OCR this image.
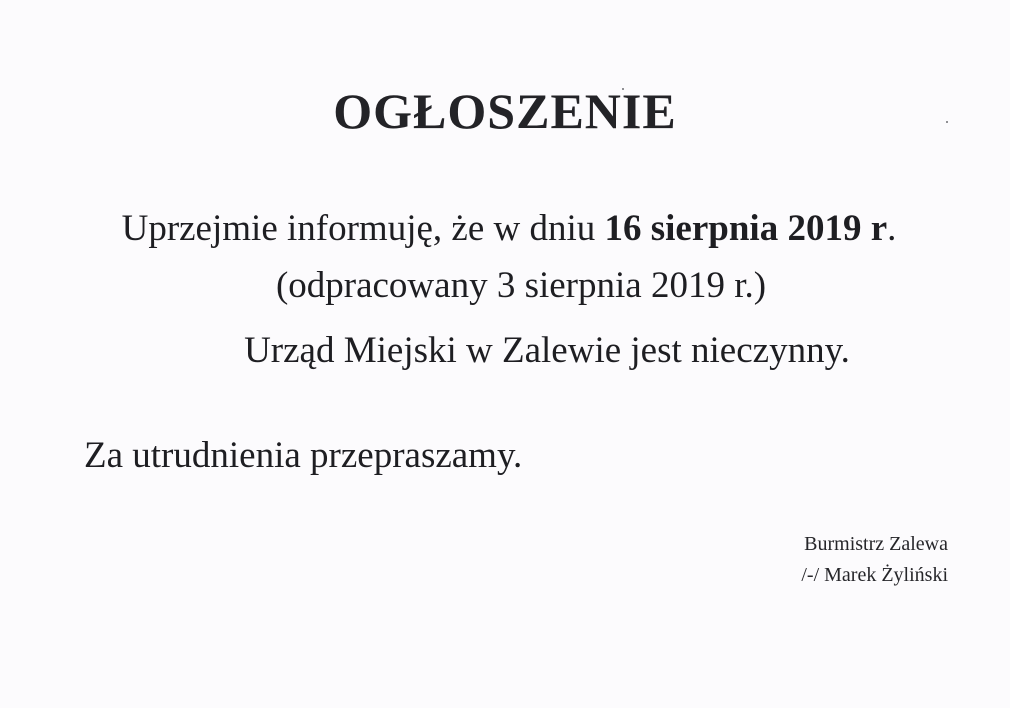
OGŁOSZENIE
Uprzejmie informuję, że w dniu 16 sierpnia 2019 r.
(odpracowany 3 sierpnia 2019 r.)
Urząd Miejski w Zalewie jest nieczynny.
Za utrudnienia przepraszamy.
Burmistrz Zalewa
/-/ Marek Żyliński
